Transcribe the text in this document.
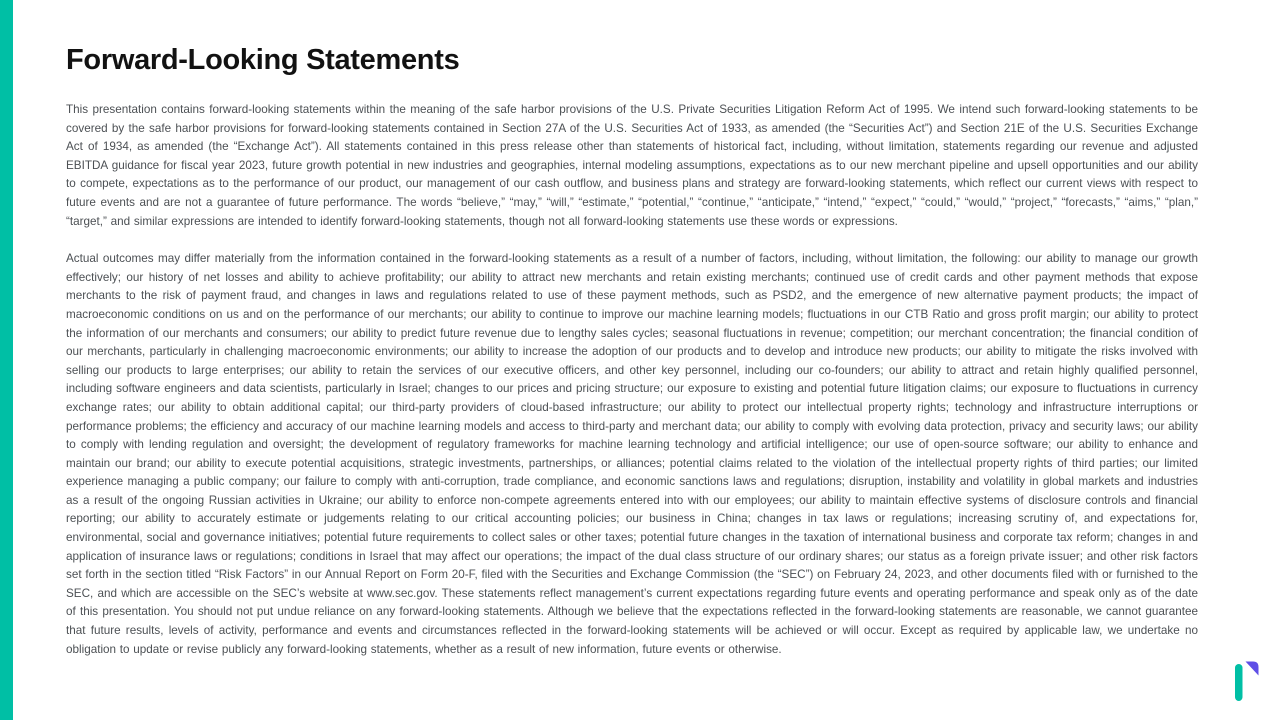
Forward-Looking Statements

This presentation contains forward-looking statements within the meaning of the safe harbor provisions of the U.S. Private Securities Litigation Reform Act of 1995. We intend such forward-looking statements to be covered by the safe harbor provisions for forward-looking statements contained in Section 27A of the U.S. Securities Act of 1933, as amended (the “Securities Act”) and Section 21E of the U.S. Securities Exchange Act of 1934, as amended (the “Exchange Act”). All statements contained in this press release other than statements of historical fact, including, without limitation, statements regarding our revenue and adjusted EBITDA guidance for fiscal year 2023, future growth potential in new industries and geographies, internal modeling assumptions, expectations as to our new merchant pipeline and upsell opportunities and our ability to compete, expectations as to the performance of our product, our management of our cash outflow, and business plans and strategy are forward-looking statements, which reflect our current views with respect to future events and are not a guarantee of future performance. The words “believe,” “may,” “will,” “estimate,” “potential,” “continue,” “anticipate,” “intend,” “expect,” “could,” “would,” “project,” “forecasts,” “aims,” “plan,” “target,” and similar expressions are intended to identify forward-looking statements, though not all forward-looking statements use these words or expressions.

Actual outcomes may differ materially from the information contained in the forward-looking statements as a result of a number of factors, including, without limitation, the following: our ability to manage our growth effectively; our history of net losses and ability to achieve profitability; our ability to attract new merchants and retain existing merchants; continued use of credit cards and other payment methods that expose merchants to the risk of payment fraud, and changes in laws and regulations related to use of these payment methods, such as PSD2, and the emergence of new alternative payment products; the impact of macroeconomic conditions on us and on the performance of our merchants; our ability to continue to improve our machine learning models; fluctuations in our CTB Ratio and gross profit margin; our ability to protect the information of our merchants and consumers; our ability to predict future revenue due to lengthy sales cycles; seasonal fluctuations in revenue; competition; our merchant concentration; the financial condition of our merchants, particularly in challenging macroeconomic environments; our ability to increase the adoption of our products and to develop and introduce new products; our ability to mitigate the risks involved with selling our products to large enterprises; our ability to retain the services of our executive officers, and other key personnel, including our co-founders; our ability to attract and retain highly qualified personnel, including software engineers and data scientists, particularly in Israel; changes to our prices and pricing structure; our exposure to existing and potential future litigation claims; our exposure to fluctuations in currency exchange rates; our ability to obtain additional capital; our third-party providers of cloud-based infrastructure; our ability to protect our intellectual property rights; technology and infrastructure interruptions or performance problems; the efficiency and accuracy of our machine learning models and access to third-party and merchant data; our ability to comply with evolving data protection, privacy and security laws; our ability to comply with lending regulation and oversight; the development of regulatory frameworks for machine learning technology and artificial intelligence; our use of open-source software; our ability to enhance and maintain our brand; our ability to execute potential acquisitions, strategic investments, partnerships, or alliances; potential claims related to the violation of the intellectual property rights of third parties; our limited experience managing a public company; our failure to comply with anti-corruption, trade compliance, and economic sanctions laws and regulations; disruption, instability and volatility in global markets and industries as a result of the ongoing Russian activities in Ukraine; our ability to enforce non-compete agreements entered into with our employees; our ability to maintain effective systems of disclosure controls and financial reporting; our ability to accurately estimate or judgements relating to our critical accounting policies; our business in China; changes in tax laws or regulations; increasing scrutiny of, and expectations for, environmental, social and governance initiatives; potential future requirements to collect sales or other taxes; potential future changes in the taxation of international business and corporate tax reform; changes in and application of insurance laws or regulations; conditions in Israel that may affect our operations; the impact of the dual class structure of our ordinary shares; our status as a foreign private issuer; and other risk factors set forth in the section titled “Risk Factors” in our Annual Report on Form 20-F, filed with the Securities and Exchange Commission (the “SEC”) on February 24, 2023, and other documents filed with or furnished to the SEC, and which are accessible on the SEC’s website at www.sec.gov. These statements reflect management’s current expectations regarding future events and operating performance and speak only as of the date of this presentation. You should not put undue reliance on any forward-looking statements. Although we believe that the expectations reflected in the forward-looking statements are reasonable, we cannot guarantee that future results, levels of activity, performance and events and circumstances reflected in the forward-looking statements will be achieved or will occur. Except as required by applicable law, we undertake no obligation to update or revise publicly any forward-looking statements, whether as a result of new information, future events or otherwise.
